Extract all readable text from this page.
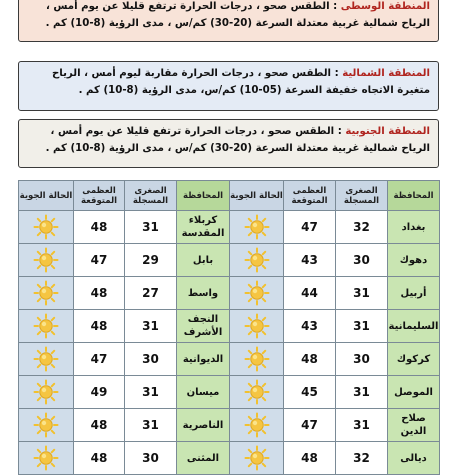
المنطقة الوسطى : الطقس صحو ، درجات الحرارة ترتفع قليلا عن يوم أمس ، الرياح شمالية غربية معتدلة السرعة (20-30) كم/س ، مدى الرؤية (8-10) كم .
المنطقة الشمالية : الطقس صحو ، درجات الحرارة مقاربة ليوم أمس ، الرياح متغيرة الاتجاه خفيفة السرعة (05-10) كم/س، مدى الرؤية (8-10) كم .
المنطقة الجنوبية : الطقس صحو ، درجات الحرارة ترتفع قليلا عن يوم أمس ، الرياح شمالية غربية معتدلة السرعة (20-30) كم/س ، مدى الرؤية (8-10) كم .
المحافظة	الصغرى المسجلة	العظمى المتوقعة	الحالة الجوية	المحافظة	الصغرى المسجلة	العظمى المتوقعة	الحالة الجوية
بغداد	32	47		كربلاء المقدسة	31	48	
دهوك	30	43		بابل	29	47	
أربيل	31	44		واسط	27	48	
السليمانية	31	43		النجف الأشرف	31	48	
كركوك	30	48		الديوانية	30	47	
الموصل	31	45		ميسان	31	49	
صلاح الدين	31	47		الناصرية	31	48	
ديالى	32	48		المثنى	30	48	
